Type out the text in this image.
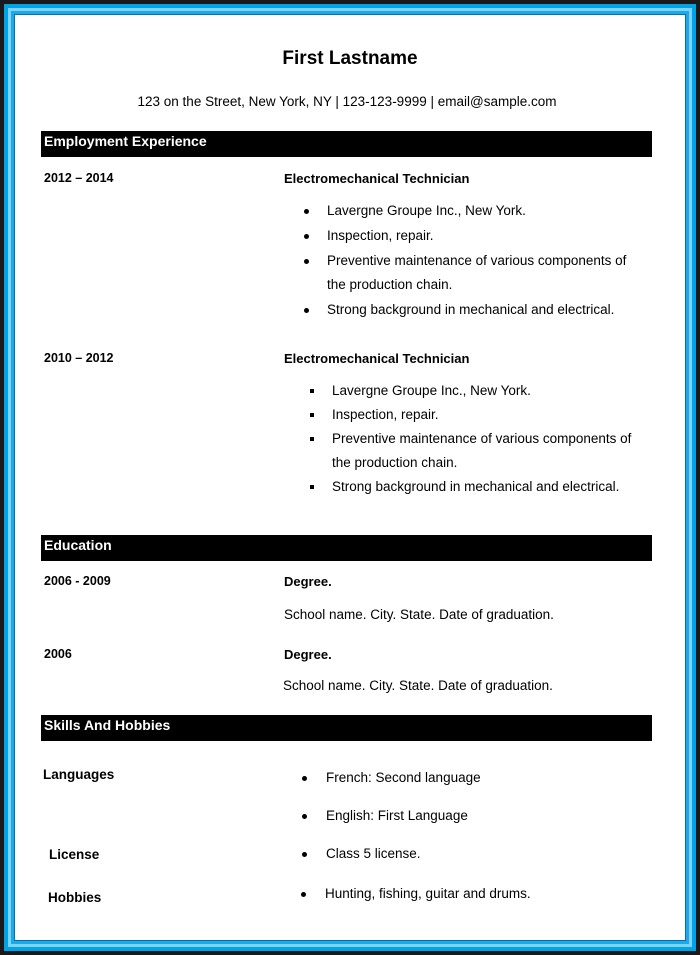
First Lastname
123 on the Street, New York, NY | 123-123-9999 | email@sample.com
Employment Experience
2012 – 2014	Electromechanical Technician
Lavergne Groupe Inc., New York.
Inspection, repair.
Preventive maintenance of various components of
the production chain.
Strong background in mechanical and electrical.
2010 – 2012	Electromechanical Technician
Lavergne Groupe Inc., New York.
Inspection, repair.
Preventive maintenance of various components of
the production chain.
Strong background in mechanical and electrical.
Education
2006 - 2009	Degree.
School name. City. State. Date of graduation.
2006	Degree.
School name. City. State. Date of graduation.
Skills And Hobbies
Languages	French: Second language
English: First Language
License	Class 5 license.
Hobbies	Hunting, fishing, guitar and drums.
